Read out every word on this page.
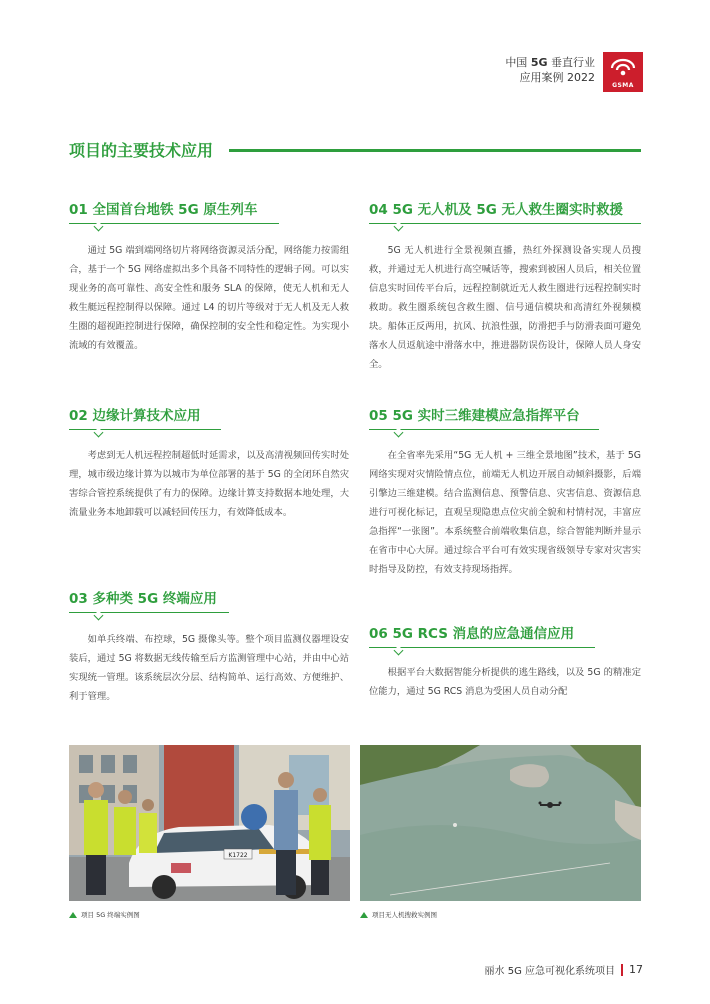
中国 5G 垂直行业
应用案例 2022
GSMA
项目的主要技术应用
01 全国首台地铁 5G 原生列车
通过 5G 端到端网络切片将网络资源灵活分配，网络能力按需组合，基于一个 5G 网络虚拟出多个具备不同特性的逻辑子网。可以实现业务的高可靠性、高安全性和服务 SLA 的保障，使无人机和无人救生艇远程控制得以保障。通过 L4 的切片等级对于无人机及无人救生圈的超视距控制进行保障，确保控制的安全性和稳定性。为实现小流域的有效覆盖。
02 边缘计算技术应用
考虑到无人机远程控制超低时延需求，以及高清视频回传实时处理，城市级边缘计算为以城市为单位部署的基于 5G 的全闭环自然灾害综合管控系统提供了有力的保障。边缘计算支持数据本地处理，大流量业务本地卸载可以减轻回传压力，有效降低成本。
03 多种类 5G 终端应用
如单兵终端、布控球，5G 摄像头等。整个项目监测仪器埋设安装后，通过 5G 将数据无线传输至后方监测管理中心站，并由中心站实现统一管理。该系统层次分层、结构简单、运行高效、方便维护、利于管理。
04 5G 无人机及 5G 无人救生圈实时救援
5G 无人机进行全景视频直播，热红外探测设备实现人员搜救，并通过无人机进行高空喊话等，搜索到被困人员后，相关位置信息实时回传平台后，远程控制就近无人救生圈进行远程控制实时救助。救生圈系统包含救生圈、信号通信模块和高清红外视频模块。船体正反两用，抗风、抗浪性强，防滑把手与防滑表面可避免落水人员返航途中滑落水中，推进器防误伤设计，保障人员人身安全。
05 5G 实时三维建模应急指挥平台
在全省率先采用“5G 无人机 + 三维全景地图”技术，基于 5G 网络实现对灾情险情点位，前端无人机边开展自动倾斜摄影，后端引擎边三维建模。结合监测信息、预警信息、灾害信息、资源信息进行可视化标记，直观呈现隐患点位灾前全貌和村情村况，丰富应急指挥“一张图”。本系统整合前端收集信息，综合智能判断并显示在省市中心大屏。通过综合平台可有效实现省级领导专家对灾害实时指导及防控，有效支持现场指挥。
06 5G RCS 消息的应急通信应用
根据平台大数据智能分析提供的逃生路线，以及 5G 的精准定位能力，通过 5G RCS 消息为受困人员自动分配
K1722
项目 5G 终端实例图	项目无人机搜救实例图
丽水 5G 应急可视化系统项目 17
